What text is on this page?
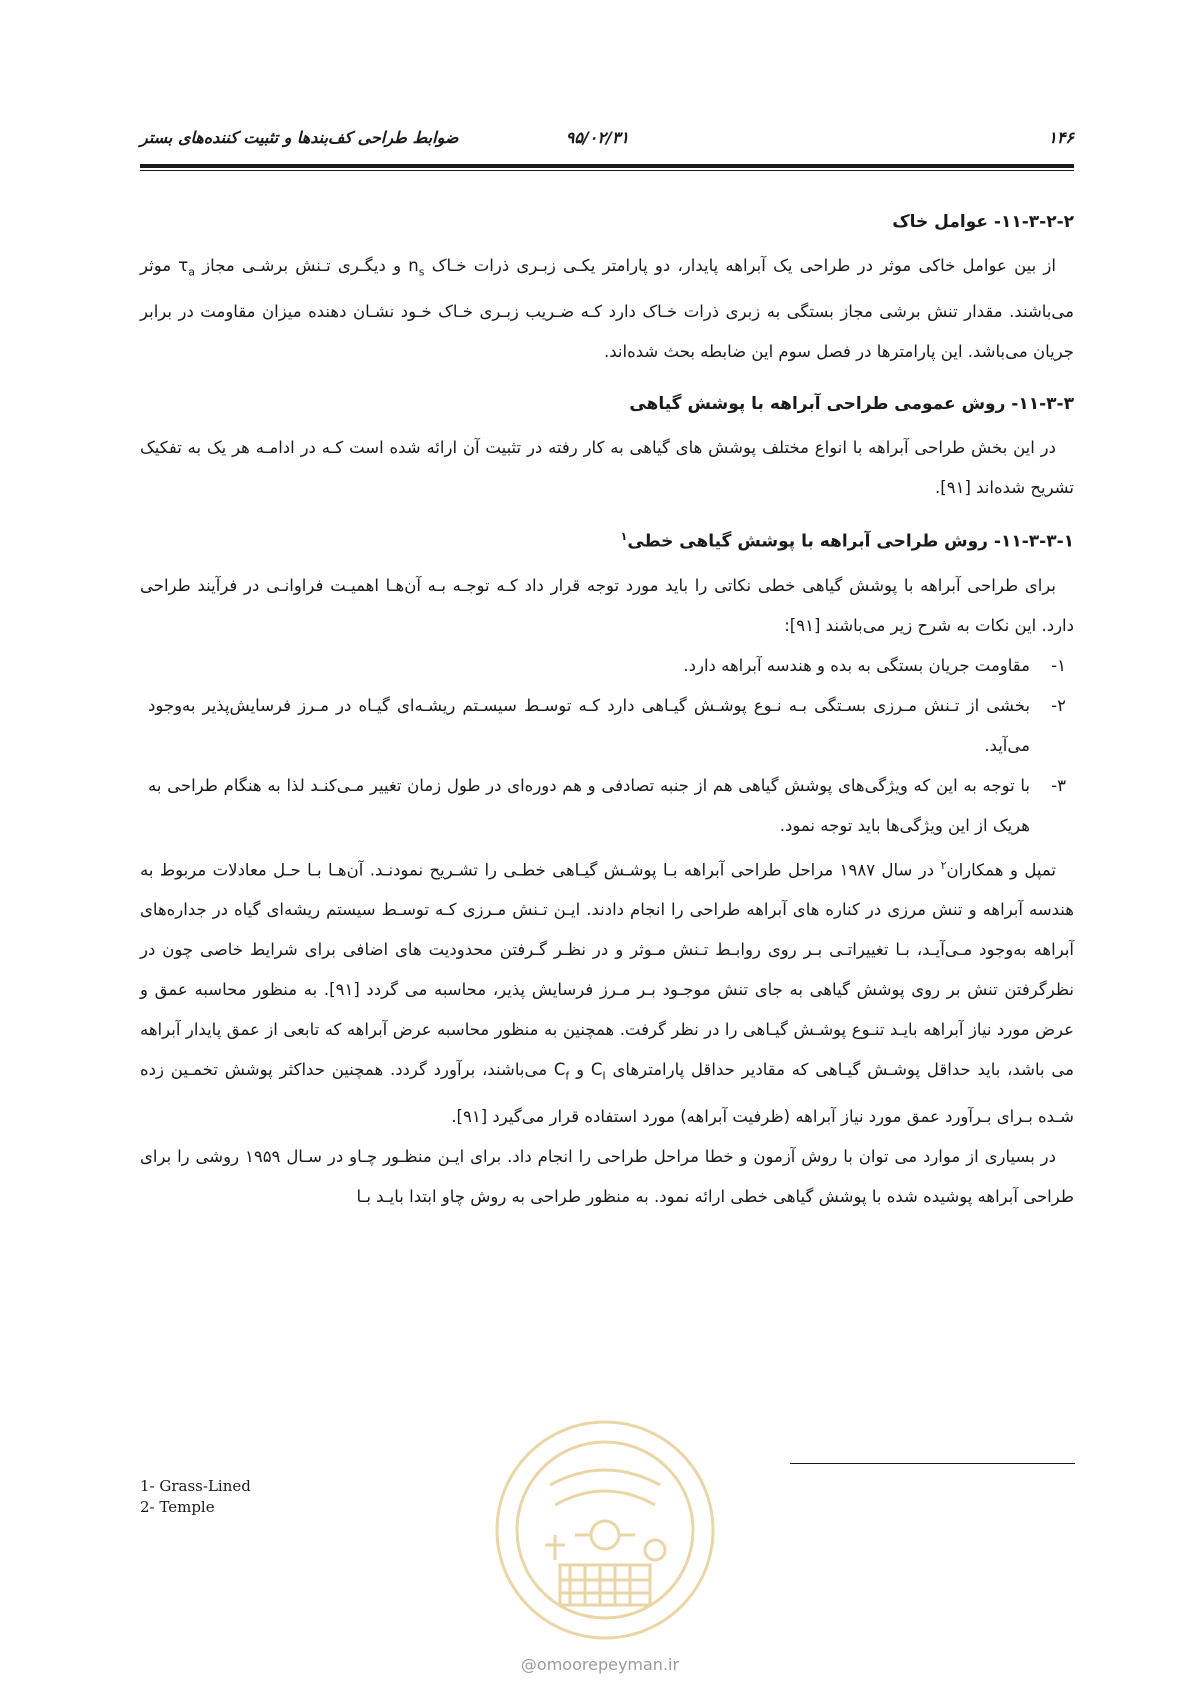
۱۴۶
۹۵/۰۲/۳۱
ضوابط طراحی کف‌بندها و تثبیت کننده‌های بستر
۱۱-۳-۲-۲- عوامل خاک

از بین عوامل خاکی موثر در طراحی یک آبراهه پایدار، دو پارامتر یکـی زبـری ذرات خـاک $n_s$ و دیگـری تـنش برشـی مجاز $\tau_a$ موثر می‌باشند. مقدار تنش برشی مجاز بستگی به زبری ذرات خـاک دارد کـه ضـریب زبـری خـاک خـود نشـان دهنده میزان مقاومت در برابر جریان می‌باشد. این پارامترها در فصل سوم این ضابطه بحث شده‌اند.

۱۱-۳-۳- روش عمومی طراحی آبراهه با پوشش گیاهی

در این بخش طراحی آبراهه با انواع مختلف پوشش های گیاهی به کار رفته در تثبیت آن ارائه شده است کـه در ادامـه هر یک به تفکیک تشریح شده‌اند [۹۱].

۱۱-۳-۳-۱- روش طراحی آبراهه با پوشش گیاهی خطی$^۱$

برای طراحی آبراهه با پوشش گیاهی خطی نکاتی را باید مورد توجه قرار داد کـه توجـه بـه آن‌هـا اهمیـت فراوانـی در فرآیند طراحی دارد. این نکات به شرح زیر می‌باشند [۹۱]:

۱-
مقاومت جریان بستگی به بده و هندسه آبراهه دارد.
۲-
بخشی از تـنش مـرزی بسـتگی بـه نـوع پوشـش گیـاهی دارد کـه توسـط سیسـتم ریشـه‌ای گیـاه در مـرز فرسایش‌پذیر به‌وجود می‌آید.
۳-
با توجه به این که ویژگی‌های پوشش گیاهی هم از جنبه تصادفی و هم دوره‌ای در طول زمان تغییر مـی‌کنـد لذا به هنگام طراحی به هریک از این ویژگی‌ها باید توجه نمود.

تمپل و همکاران$^۲$ در سال ۱۹۸۷ مراحل طراحی آبراهه بـا پوشـش گیـاهی خطـی را تشـریح نمودنـد. آن‌هـا بـا حـل معادلات مربوط به هندسه آبراهه و تنش مرزی در کناره های آبراهه طراحی را انجام دادند. ایـن تـنش مـرزی کـه توسـط سیستم ریشه‌ای گیاه در جداره‌های آبراهه به‌وجود مـی‌آیـد، بـا تغییراتـی بـر روی روابـط تـنش مـوثر و در نظـر گـرفتن محدودیت های اضافی برای شرایط خاصی چون در نظرگرفتن تنش بر روی پوشش گیاهی به جای تنش موجـود بـر مـرز فرسایش پذیر، محاسبه می گردد [۹۱]. به منظور محاسبه عمق و عرض مورد نیاز آبراهه بایـد تنـوع پوشـش گیـاهی را در نظر گرفت. همچنین به منظور محاسبه عرض آبراهه که تابعی از عمق پایدار آبراهه می باشد، باید حداقل پوشـش گیـاهی که مقادیر حداقل پارامترهای $C_I$ و $C_f$ می‌باشند، برآورد گردد. همچنین حداکثر پوشش تخمـین زده شـده بـرای بـرآورد عمق مورد نیاز آبراهه (ظرفیت آبراهه) مورد استفاده قرار می‌گیرد [۹۱].

در بسیاری از موارد می توان با روش آزمون و خطا مراحل طراحی را انجام داد. برای ایـن منظـور چـاو در سـال ۱۹۵۹ روشی را برای طراحی آبراهه پوشیده شده با پوشش گیاهی خطی ارائه نمود. به منظور طراحی به روش چاو ابتدا بایـد بـا

1- Grass-Lined
2- Temple
@omoorepeyman.ir
